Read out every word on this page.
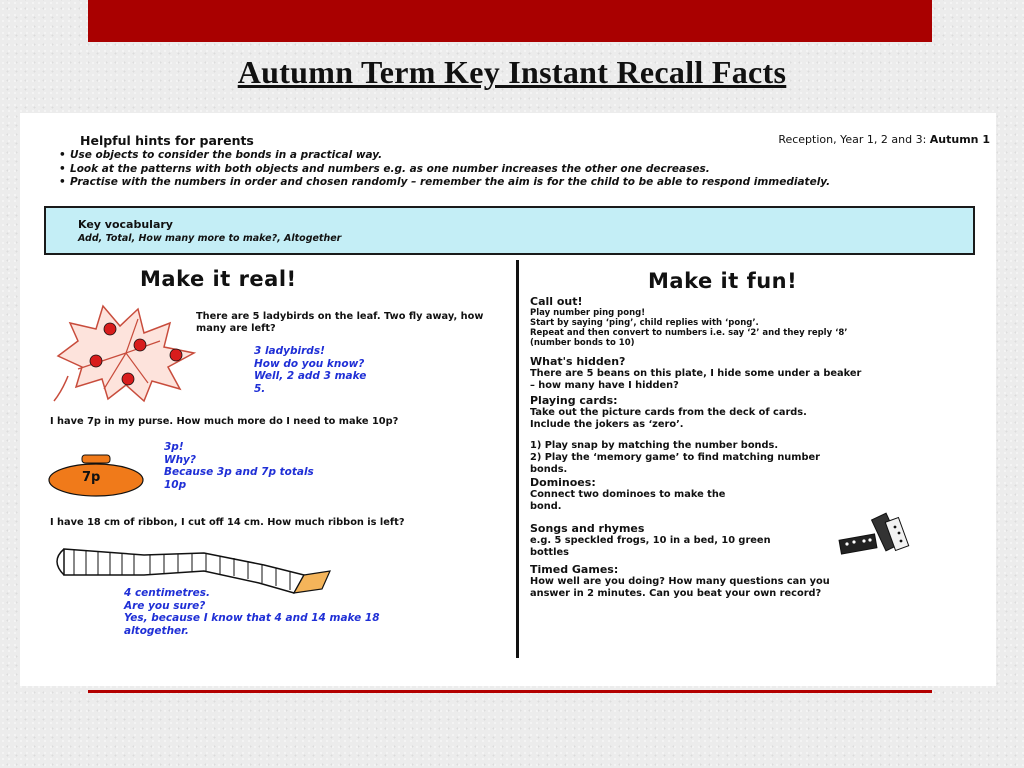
Autumn Term Key Instant Recall Facts
Helpful hints for parents	Reception, Year 1, 2 and 3: Autumn 1
• Use objects to consider the bonds in a practical way.
• Look at the patterns with both objects and numbers e.g. as one number increases the other one decreases.
• Practise with the numbers in order and chosen randomly – remember the aim is for the child to be able to respond immediately.
Key vocabulary
Add, Total, How many more to make?, Altogether
Make it real!
There are 5 ladybirds on the leaf. Two fly away, how many are left?
3 ladybirds!
How do you know?
Well, 2 add 3 make
5.
I have 7p in my purse. How much more do I need to make 10p?
7p
3p!
Why?
Because 3p and 7p totals
10p
I have 18 cm of ribbon, I cut off 14 cm. How much ribbon is left?
4 centimetres.
Are you sure?
Yes, because I know that 4 and 14 make 18
altogether.
Make it fun!
Call out!
Play number ping pong!
Start by saying ‘ping’, child replies with ‘pong’.
Repeat and then convert to numbers i.e. say ‘2’ and they reply ‘8’
(number bonds to 10)
What's hidden?
There are 5 beans on this plate, I hide some under a beaker
– how many have I hidden?
Playing cards:
Take out the picture cards from the deck of cards.
Include the jokers as ‘zero’.
1) Play snap by matching the number bonds.
2) Play the ‘memory game’ to find matching number
bonds.
Dominoes:
Connect two dominoes to make the
bond.
Songs and rhymes
e.g. 5 speckled frogs, 10 in a bed, 10 green
bottles
Timed Games:
How well are you doing? How many questions can you
answer in 2 minutes. Can you beat your own record?
